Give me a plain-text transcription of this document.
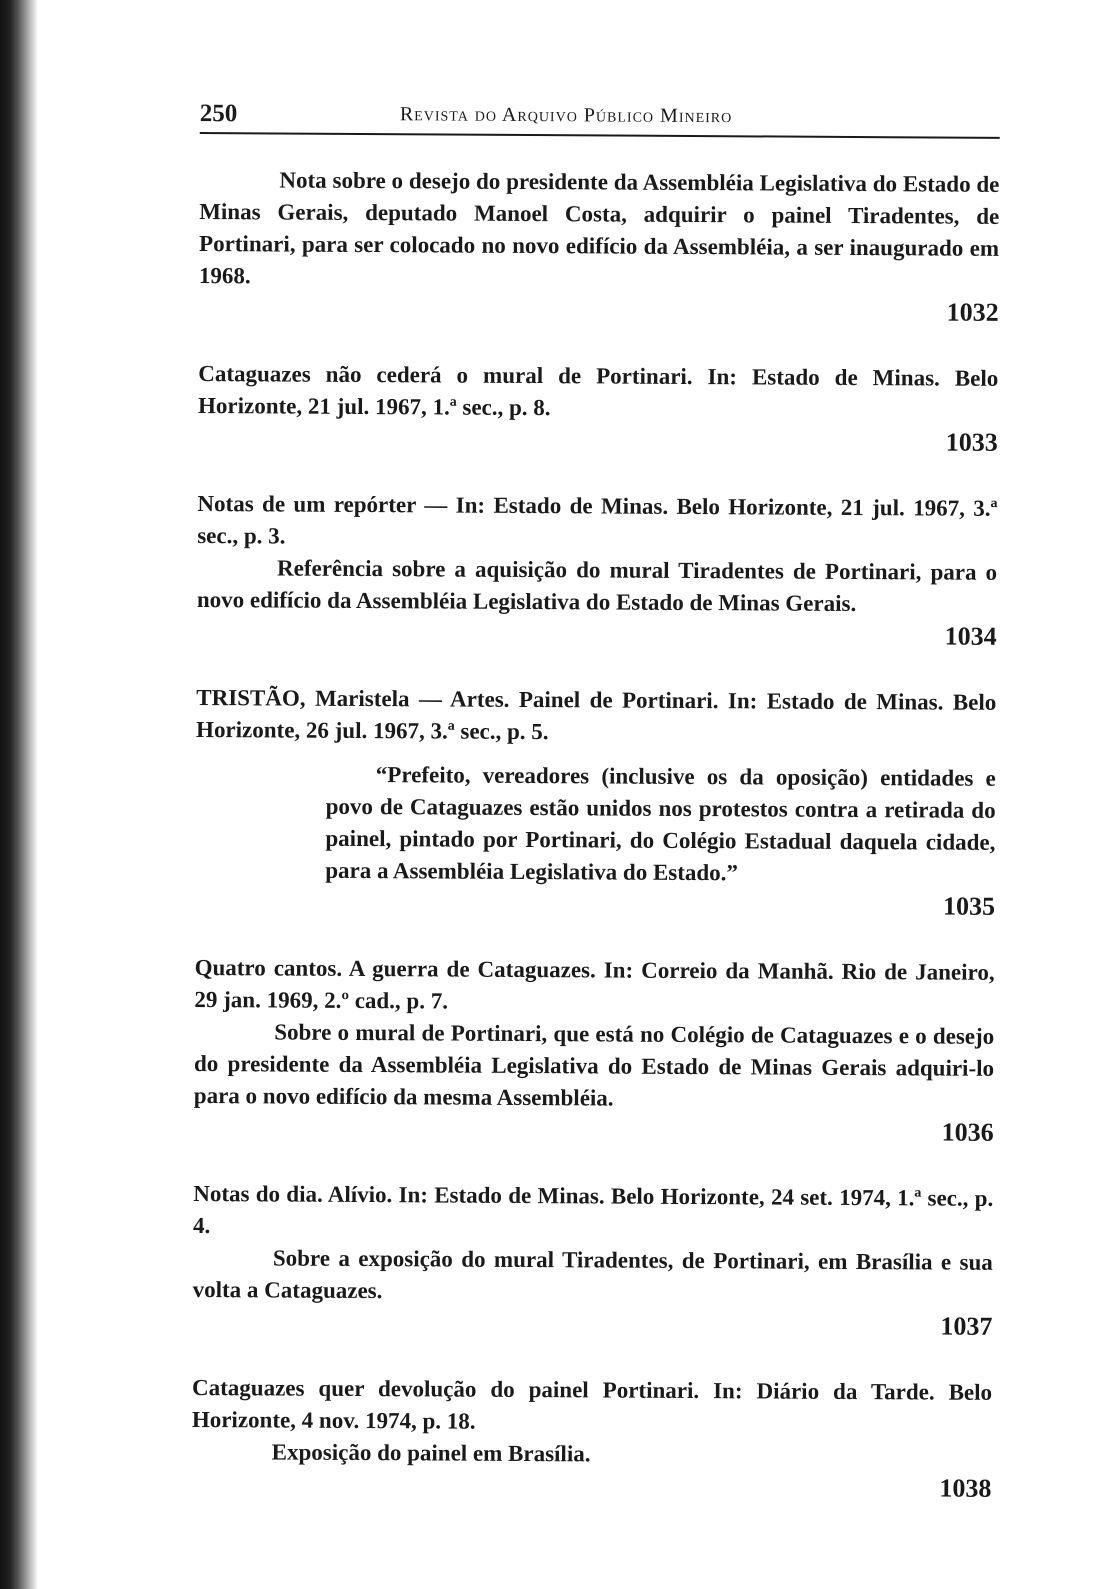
250	Revista do Arquivo Público Mineiro

Nota sobre o desejo do presidente da Assembléia Legislativa do Estado de Minas Gerais, deputado Manoel Costa, adquirir o painel Tiradentes, de Portinari, para ser colocado no novo edifício da Assembléia, a ser inaugurado em 1968.

1032

Cataguazes não cederá o mural de Portinari. In: Estado de Minas. Belo Horizonte, 21 jul. 1967, 1.ª sec., p. 8.

1033

Notas de um repórter — In: Estado de Minas. Belo Horizonte, 21 jul. 1967, 3.ª sec., p. 3.

Referência sobre a aquisição do mural Tiradentes de Portinari, para o novo edifício da Assembléia Legislativa do Estado de Minas Gerais.

1034

TRISTÃO, Maristela — Artes. Painel de Portinari. In: Estado de Minas. Belo Horizonte, 26 jul. 1967, 3.ª sec., p. 5.

“Prefeito, vereadores (inclusive os da oposição) entidades e povo de Cataguazes estão unidos nos protestos contra a retirada do painel, pintado por Portinari, do Colégio Estadual daquela cidade, para a Assembléia Legislativa do Estado.”

1035

Quatro cantos. A guerra de Cataguazes. In: Correio da Manhã. Rio de Janeiro, 29 jan. 1969, 2.º cad., p. 7.

Sobre o mural de Portinari, que está no Colégio de Cataguazes e o desejo do presidente da Assembléia Legislativa do Estado de Minas Gerais adquiri-lo para o novo edifício da mesma Assembléia.

1036

Notas do dia. Alívio. In: Estado de Minas. Belo Horizonte, 24 set. 1974, 1.ª sec., p. 4.

Sobre a exposição do mural Tiradentes, de Portinari, em Brasília e sua volta a Cataguazes.

1037

Cataguazes quer devolução do painel Portinari. In: Diário da Tarde. Belo Horizonte, 4 nov. 1974, p. 18.

Exposição do painel em Brasília.

1038
